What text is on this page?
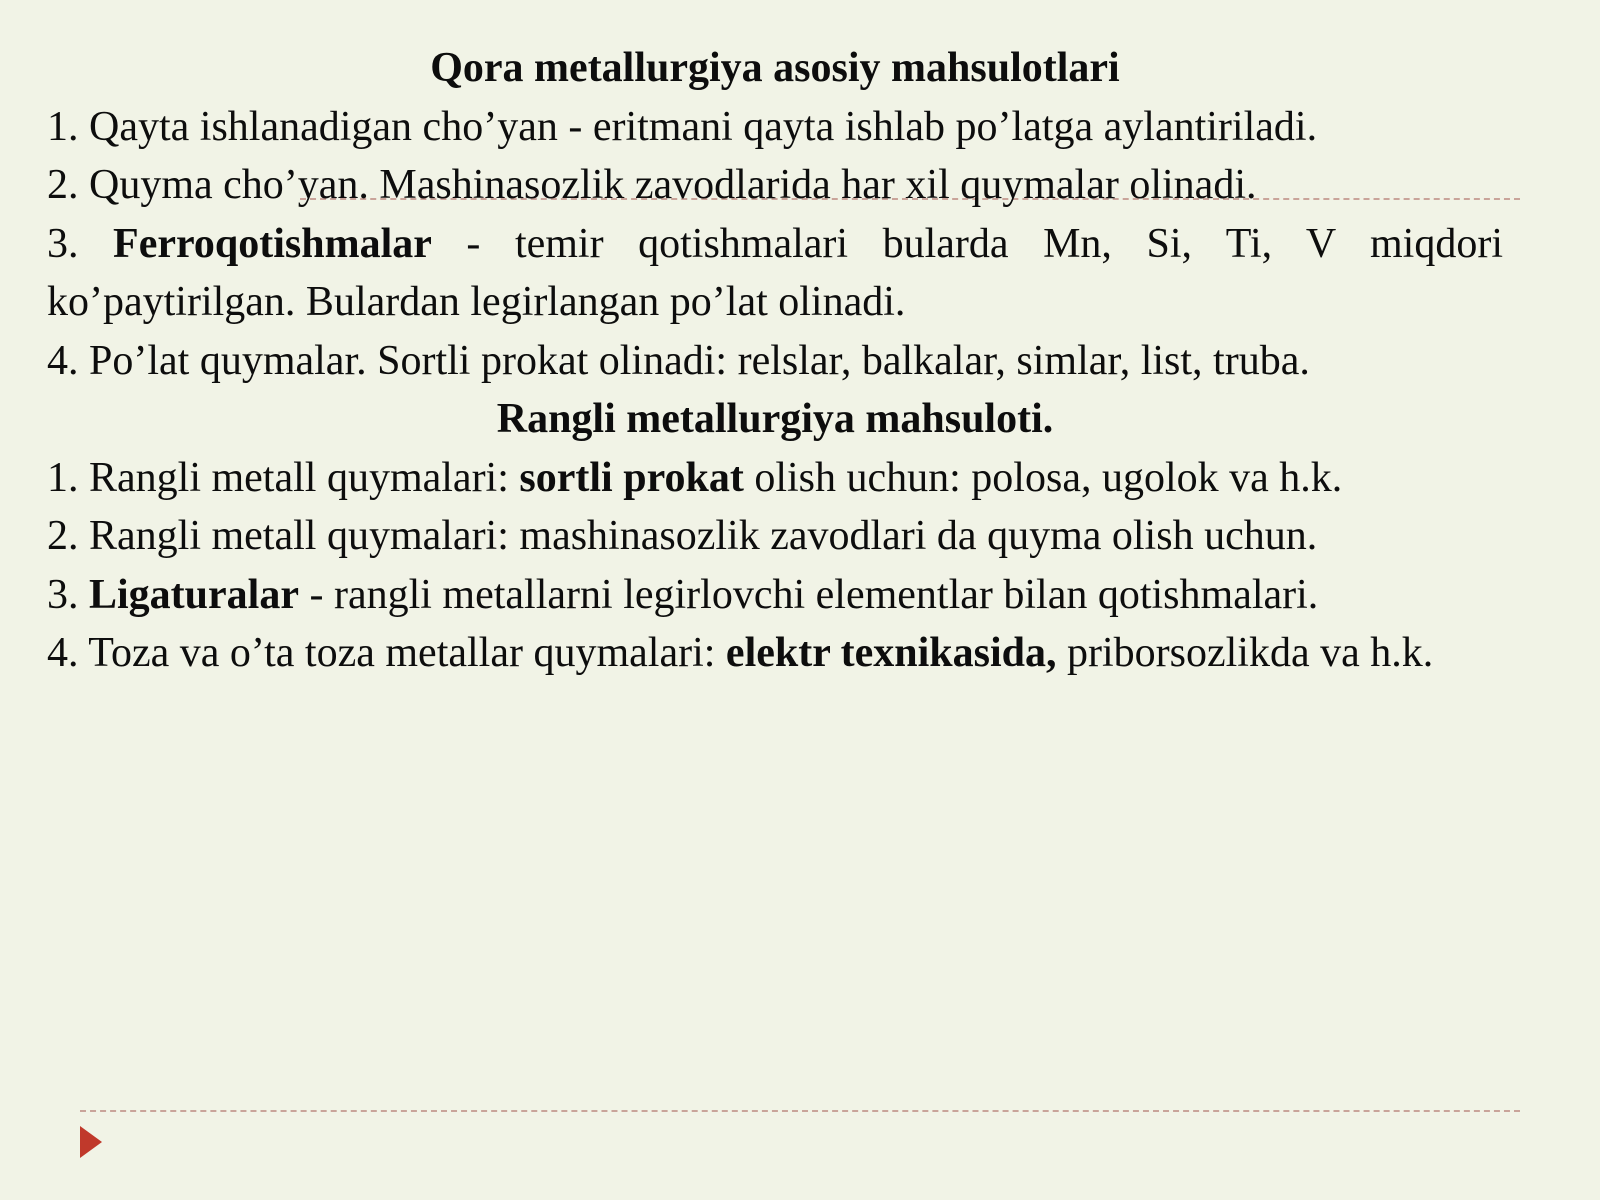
Qora metallurgiya asosiy mahsulotlari

1. Qayta ishlanadigan cho’yan - eritmani qayta ishlab po’latga aylantiriladi.

2. Quyma cho’yan. Mashinasozlik zavodlarida har xil quymalar olinadi.

3. Ferroqotishmalar - temir qotishmalari bularda Mn, Si, Ti, V miqdori ko’paytirilgan. Bulardan legirlangan po’lat olinadi.

4. Po’lat quymalar. Sortli prokat olinadi: relslar, balkalar, simlar, list, truba.

Rangli metallurgiya mahsuloti.

1. Rangli metall quymalari: sortli prokat olish uchun: polosa, ugolok va h.k.

2. Rangli metall quymalari: mashinasozlik zavodlari da quyma olish uchun.

3. Ligaturalar - rangli metallarni legirlovchi elementlar bilan qotishmalari.

4. Toza va o’ta toza metallar quymalari: elektr texnikasida, priborsozlikda va h.k.
